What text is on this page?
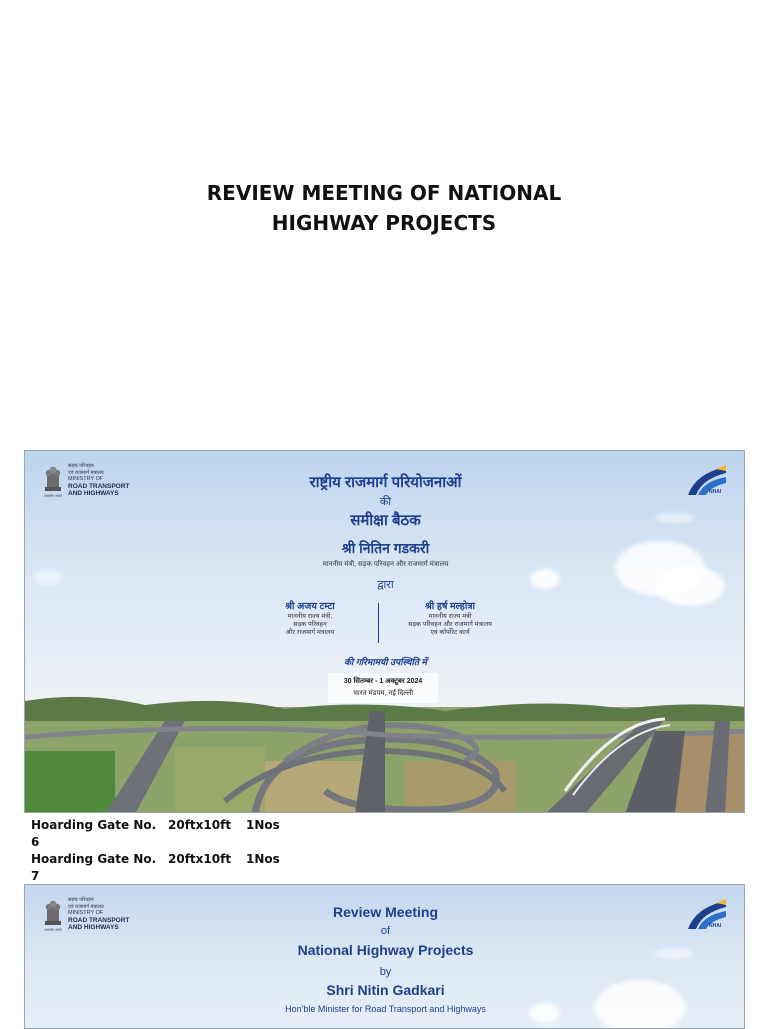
REVIEW MEETING OF NATIONAL
HIGHWAY PROJECTS
सत्यमेव जयते
सड़क परिवहन
एवं राजमार्ग मंत्रालय
MINISTRY OF
ROAD TRANSPORT
AND HIGHWAYS	NHAI
राष्ट्रीय राजमार्ग परियोजनाओं
की
समीक्षा बैठक
श्री नितिन गडकरी
माननीय मंत्री, सड़क परिवहन और राजमार्ग मंत्रालय
द्वारा
श्री अजय टम्टा
माननीय राज्य मंत्री,
सड़क परिवहन
और राजमार्ग मंत्रालय
श्री हर्ष मल्होत्रा
माननीय राज्य मंत्री
सड़क परिवहन और राजमार्ग मंत्रालय
एवं कॉर्पोरेट कार्य
की गरिमामयी उपस्थिति में
30 सितम्बर - 1 अक्टूबर 2024
भारत मंडपम, नई दिल्ली
Hoarding Gate No. 6
20ftx10ft	1Nos
Hoarding Gate No. 7
20ftx10ft	1Nos
सत्यमेव जयते
सड़क परिवहन
एवं राजमार्ग मंत्रालय
MINISTRY OF
ROAD TRANSPORT
AND HIGHWAYS	NHAI
Review Meeting
of
National Highway Projects
by
Shri Nitin Gadkari
Hon'ble Minister for Road Transport and Highways
